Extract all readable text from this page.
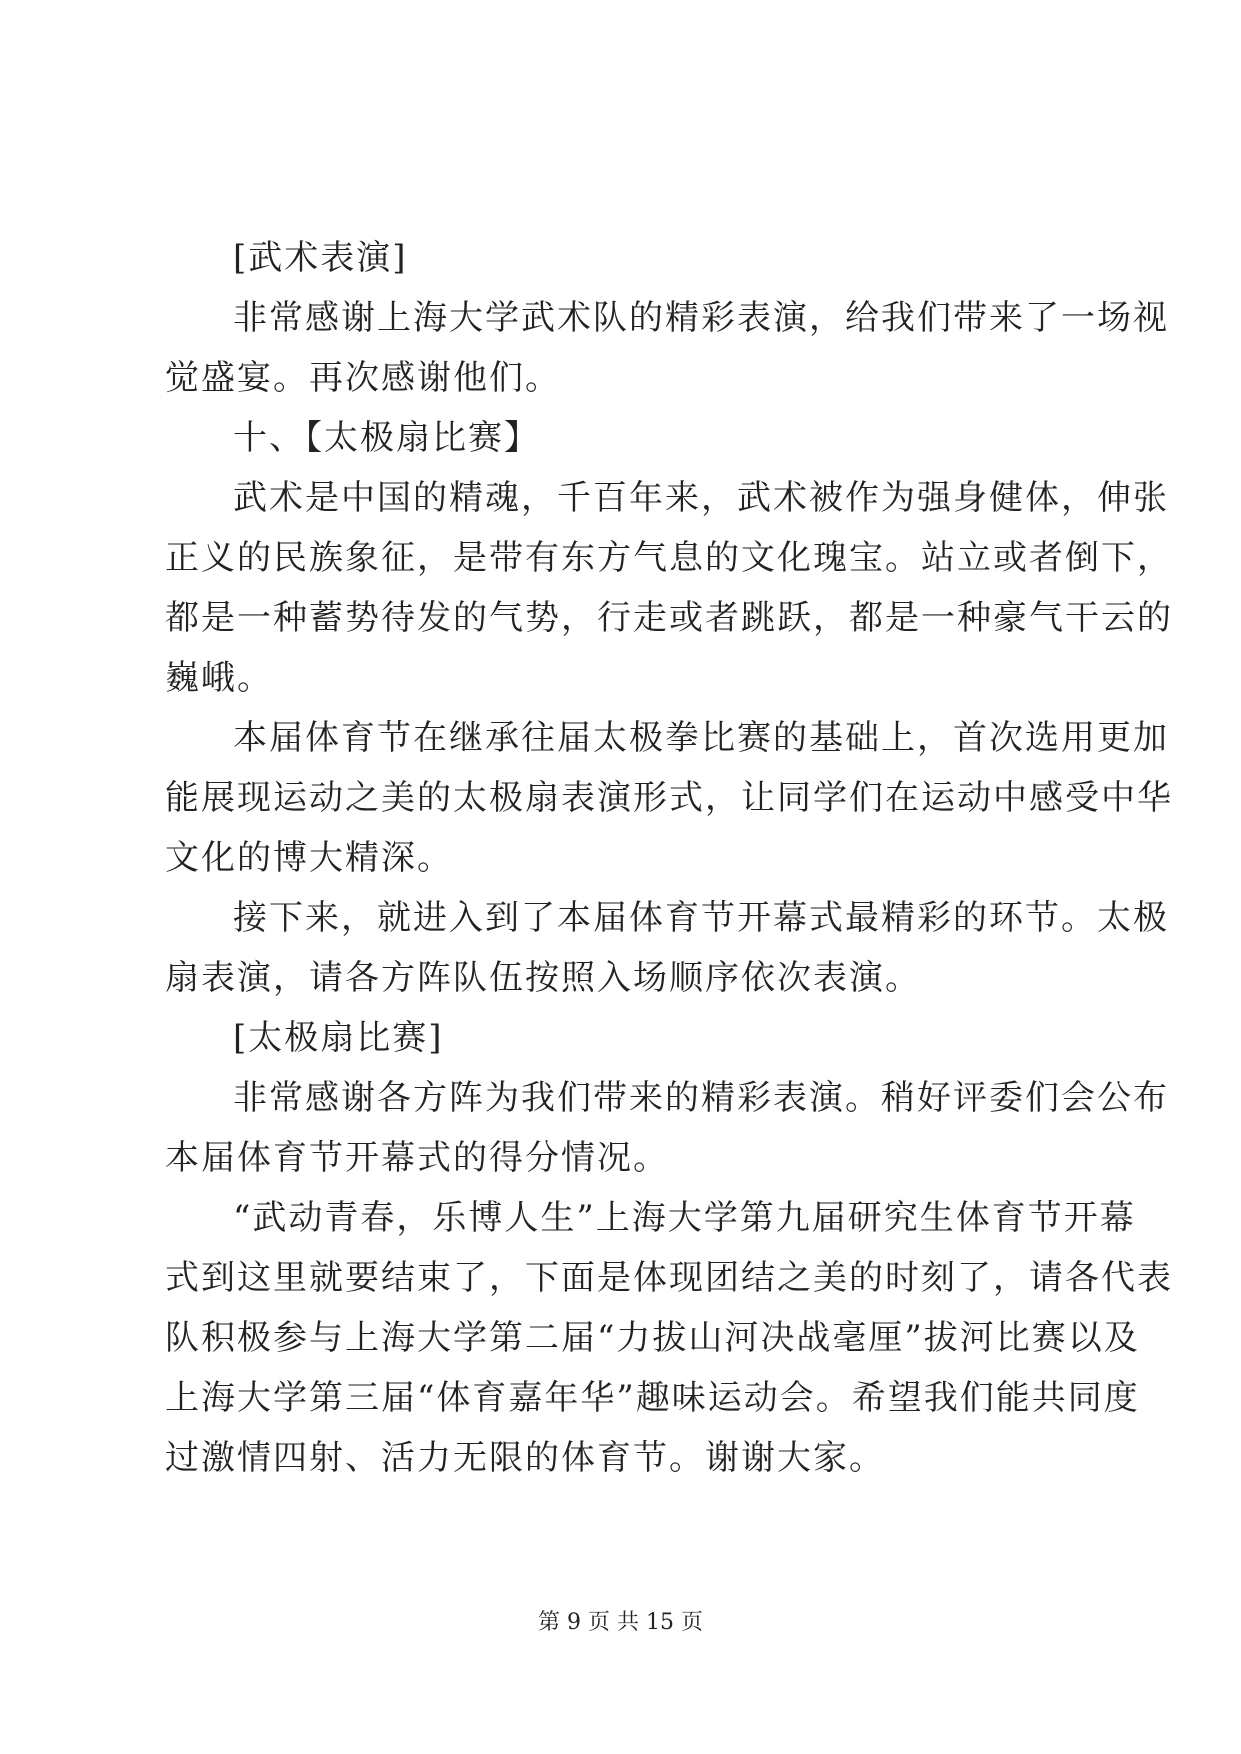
[武术表演]
非常感谢上海大学武术队的精彩表演，给我们带来了一场视
觉盛宴。再次感谢他们。
十、【太极扇比赛】
武术是中国的精魂，千百年来，武术被作为强身健体，伸张
正义的民族象征，是带有东方气息的文化瑰宝。站立或者倒下，
都是一种蓄势待发的气势，行走或者跳跃，都是一种豪气干云的
巍峨。
本届体育节在继承往届太极拳比赛的基础上，首次选用更加
能展现运动之美的太极扇表演形式，让同学们在运动中感受中华
文化的博大精深。
接下来，就进入到了本届体育节开幕式最精彩的环节。太极
扇表演，请各方阵队伍按照入场顺序依次表演。
[太极扇比赛]
非常感谢各方阵为我们带来的精彩表演。稍好评委们会公布
本届体育节开幕式的得分情况。
“武动青春，乐博人生”上海大学第九届研究生体育节开幕
式到这里就要结束了，下面是体现团结之美的时刻了，请各代表
队积极参与上海大学第二届“力拔山河决战毫厘”拔河比赛以及
上海大学第三届“体育嘉年华”趣味运动会。希望我们能共同度
过激情四射、活力无限的体育节。谢谢大家。
第 9 页 共 15 页
